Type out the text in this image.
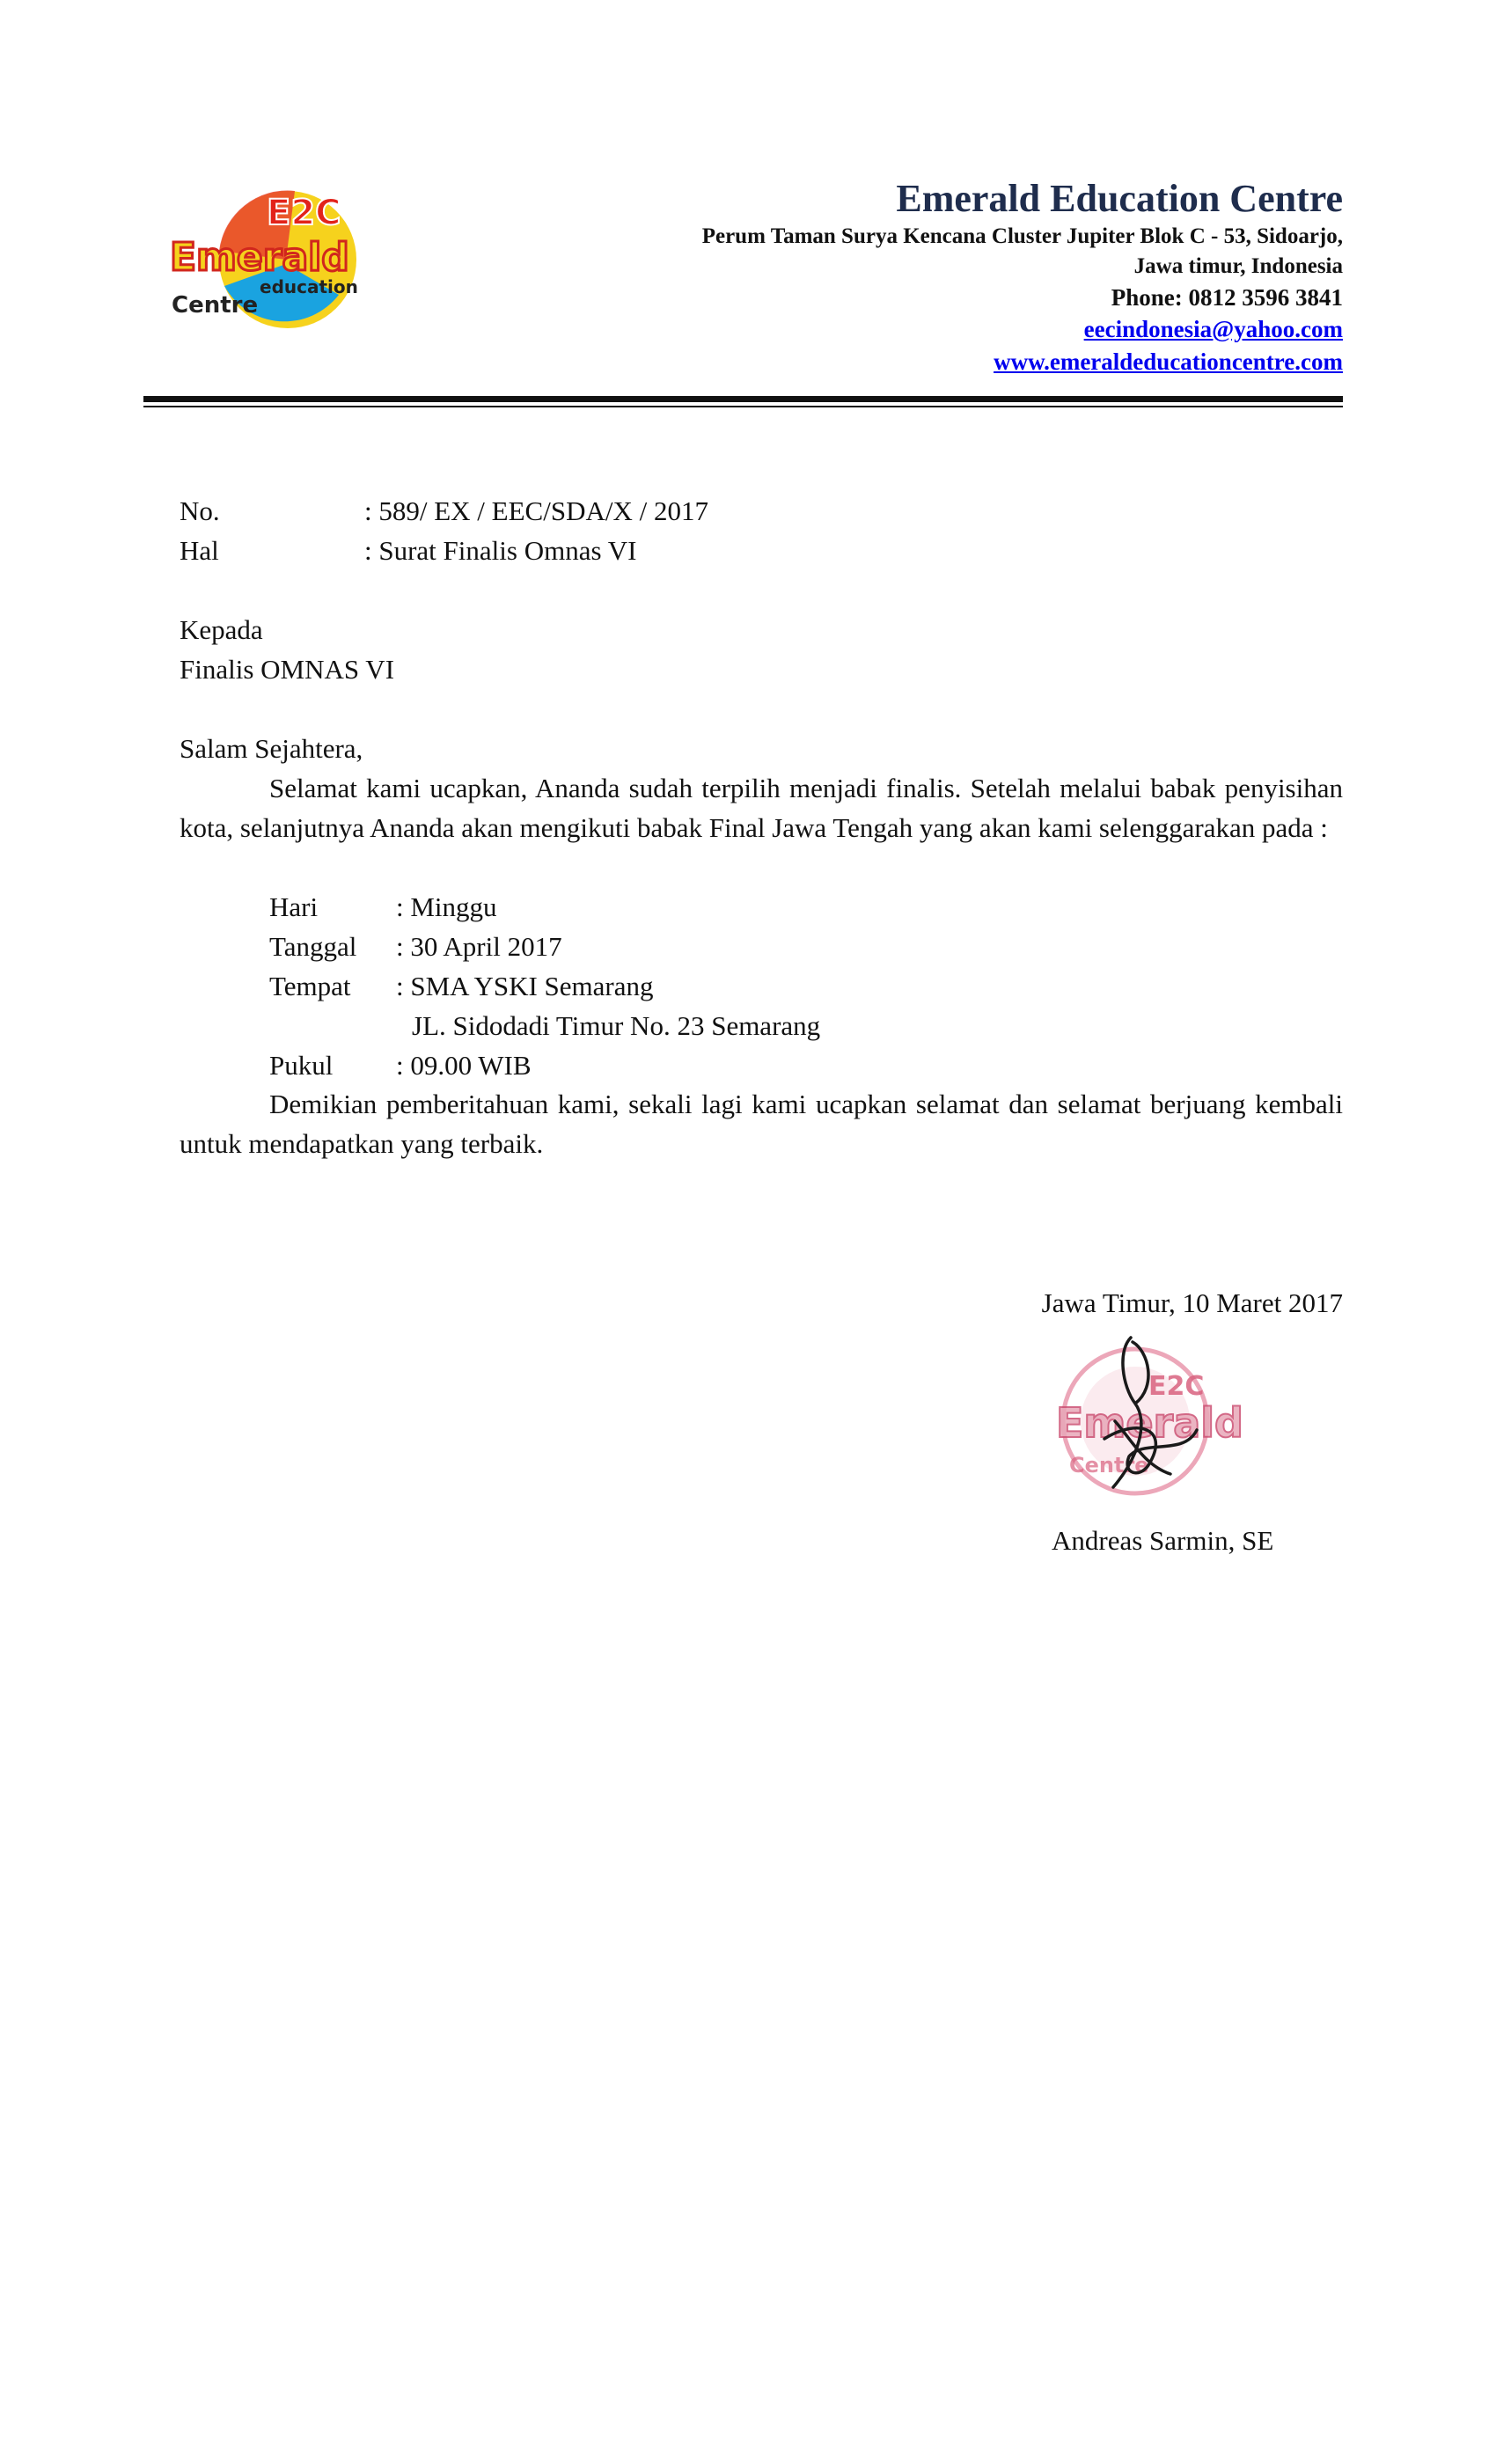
E2C
Emerald
education
Centre
Emerald Education Centre
Perum Taman Surya Kencana Cluster Jupiter Blok C - 53, Sidoarjo,
Jawa timur, Indonesia
Phone: 0812 3596 3841
eecindonesia@yahoo.com
www.emeraldeducationcentre.com
No.	: 589/ EX / EEC/SDA/X / 2017
Hal	: Surat Finalis Omnas VI
Kepada
Finalis OMNAS VI
Salam Sejahtera,
Selamat kami ucapkan, Ananda sudah terpilih menjadi finalis. Setelah melalui babak penyisihan kota, selanjutnya Ananda akan mengikuti babak Final Jawa Tengah yang akan kami selenggarakan pada :
Hari	: Minggu
Tanggal : 30 April 2017
Tempat : SMA YSKI Semarang
JL. Sidodadi Timur No. 23 Semarang
Pukul : 09.00 WIB
Demikian pemberitahuan kami, sekali lagi kami ucapkan selamat dan selamat berjuang kembali untuk mendapatkan yang terbaik.
Jawa Timur, 10 Maret 2017
E2C
Emerald
Centre
Andreas Sarmin, SE
